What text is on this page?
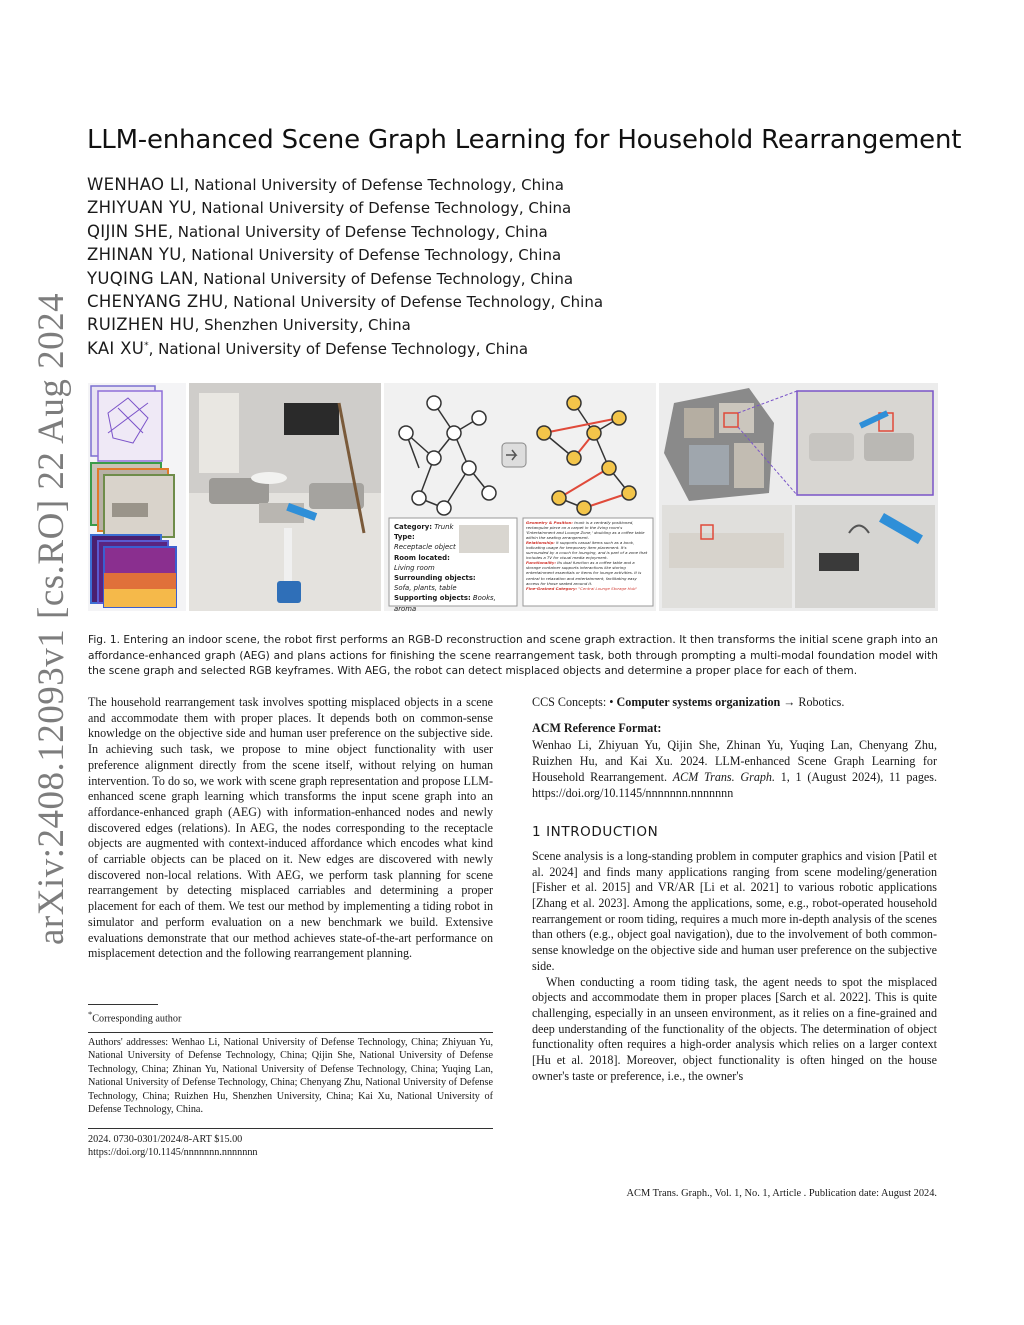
arXiv:2408.12093v1 [cs.RO] 22 Aug 2024
LLM-enhanced Scene Graph Learning for Household Rearrangement
WENHAO LI, National University of Defense Technology, China
ZHIYUAN YU, National University of Defense Technology, China
QIJIN SHE, National University of Defense Technology, China
ZHINAN YU, National University of Defense Technology, China
YUQING LAN, National University of Defense Technology, China
CHENYANG ZHU, National University of Defense Technology, China
RUIZHEN HU, Shenzhen University, China
KAI XU*, National University of Defense Technology, China
Category: Trunk
Type:
Receptacle object
Room located:
Living room
Surrounding objects:
Sofa, plants, table
Supporting objects: Books, aroma
Geometry & Position: trunk is a centrally positioned, rectangular piece on a carpet in the living room's 'Entertainment and Lounge Zone,' doubling as a coffee table within the seating arrangement.
Relationship: it supports casual items such as a book, indicating usage for temporary item placement. It's surrounded by a couch for lounging, and is part of a zone that includes a TV for visual media enjoyment.
Functionality: Its dual function as a coffee table and a storage container supports interactions like storing entertainment essentials or items for lounge activities. It is central to relaxation and entertainment, facilitating easy access for those seated around it.
Fine-Grained Category: "Central Lounge Storage Hub"
Fig. 1. Entering an indoor scene, the robot first performs an RGB-D reconstruction and scene graph extraction. It then transforms the initial scene graph into an affordance-enhanced graph (AEG) and plans actions for finishing the scene rearrangement task, both through prompting a multi-modal foundation model with the scene graph and selected RGB keyframes. With AEG, the robot can detect misplaced objects and determine a proper place for each of them.

The household rearrangement task involves spotting misplaced objects in a scene and accommodate them with proper places. It depends both on common-sense knowledge on the objective side and human user preference on the subjective side. In achieving such task, we propose to mine object functionality with user preference alignment directly from the scene itself, without relying on human intervention. To do so, we work with scene graph representation and propose LLM-enhanced scene graph learning which transforms the input scene graph into an affordance-enhanced graph (AEG) with information-enhanced nodes and newly discovered edges (relations). In AEG, the nodes corresponding to the receptacle objects are augmented with context-induced affordance which encodes what kind of carriable objects can be placed on it. New edges are discovered with newly discovered non-local relations. With AEG, we perform task planning for scene rearrangement by detecting misplaced carriables and determining a proper placement for each of them. We test our method by implementing a tiding robot in simulator and perform evaluation on a new benchmark we build. Extensive evaluations demonstrate that our method achieves state-of-the-art performance on misplacement detection and the following rearrangement planning.

*Corresponding author
Authors' addresses: Wenhao Li, National University of Defense Technology, China; Zhiyuan Yu, National University of Defense Technology, China; Qijin She, National University of Defense Technology, China; Zhinan Yu, National University of Defense Technology, China; Yuqing Lan, National University of Defense Technology, China; Chenyang Zhu, National University of Defense Technology, China; Ruizhen Hu, Shenzhen University, China; Kai Xu, National University of Defense Technology, China.
2024. 0730-0301/2024/8-ART $15.00
https://doi.org/10.1145/nnnnnnn.nnnnnnn

CCS Concepts: • Computer systems organization → Robotics.

ACM Reference Format:

Wenhao Li, Zhiyuan Yu, Qijin She, Zhinan Yu, Yuqing Lan, Chenyang Zhu, Ruizhen Hu, and Kai Xu. 2024. LLM-enhanced Scene Graph Learning for Household Rearrangement. ACM Trans. Graph. 1, 1 (August 2024), 11 pages. https://doi.org/10.1145/nnnnnnn.nnnnnnn

1 INTRODUCTION

Scene analysis is a long-standing problem in computer graphics and vision [Patil et al. 2024] and finds many applications ranging from scene modeling/generation [Fisher et al. 2015] and VR/AR [Li et al. 2021] to various robotic applications [Zhang et al. 2023]. Among the applications, some, e.g., robot-operated household rearrangement or room tiding, requires a much more in-depth analysis of the scenes than others (e.g., object goal navigation), due to the involvement of both common-sense knowledge on the objective side and human user preference on the subjective side.

When conducting a room tiding task, the agent needs to spot the misplaced objects and accommodate them in proper places [Sarch et al. 2022]. This is quite challenging, especially in an unseen environment, as it relies on a fine-grained and deep understanding of the functionality of the objects. The determination of object functionality often requires a high-order analysis which relies on a larger context [Hu et al. 2018]. Moreover, object functionality is often hinged on the house owner's taste or preference, i.e., the owner's

ACM Trans. Graph., Vol. 1, No. 1, Article . Publication date: August 2024.
